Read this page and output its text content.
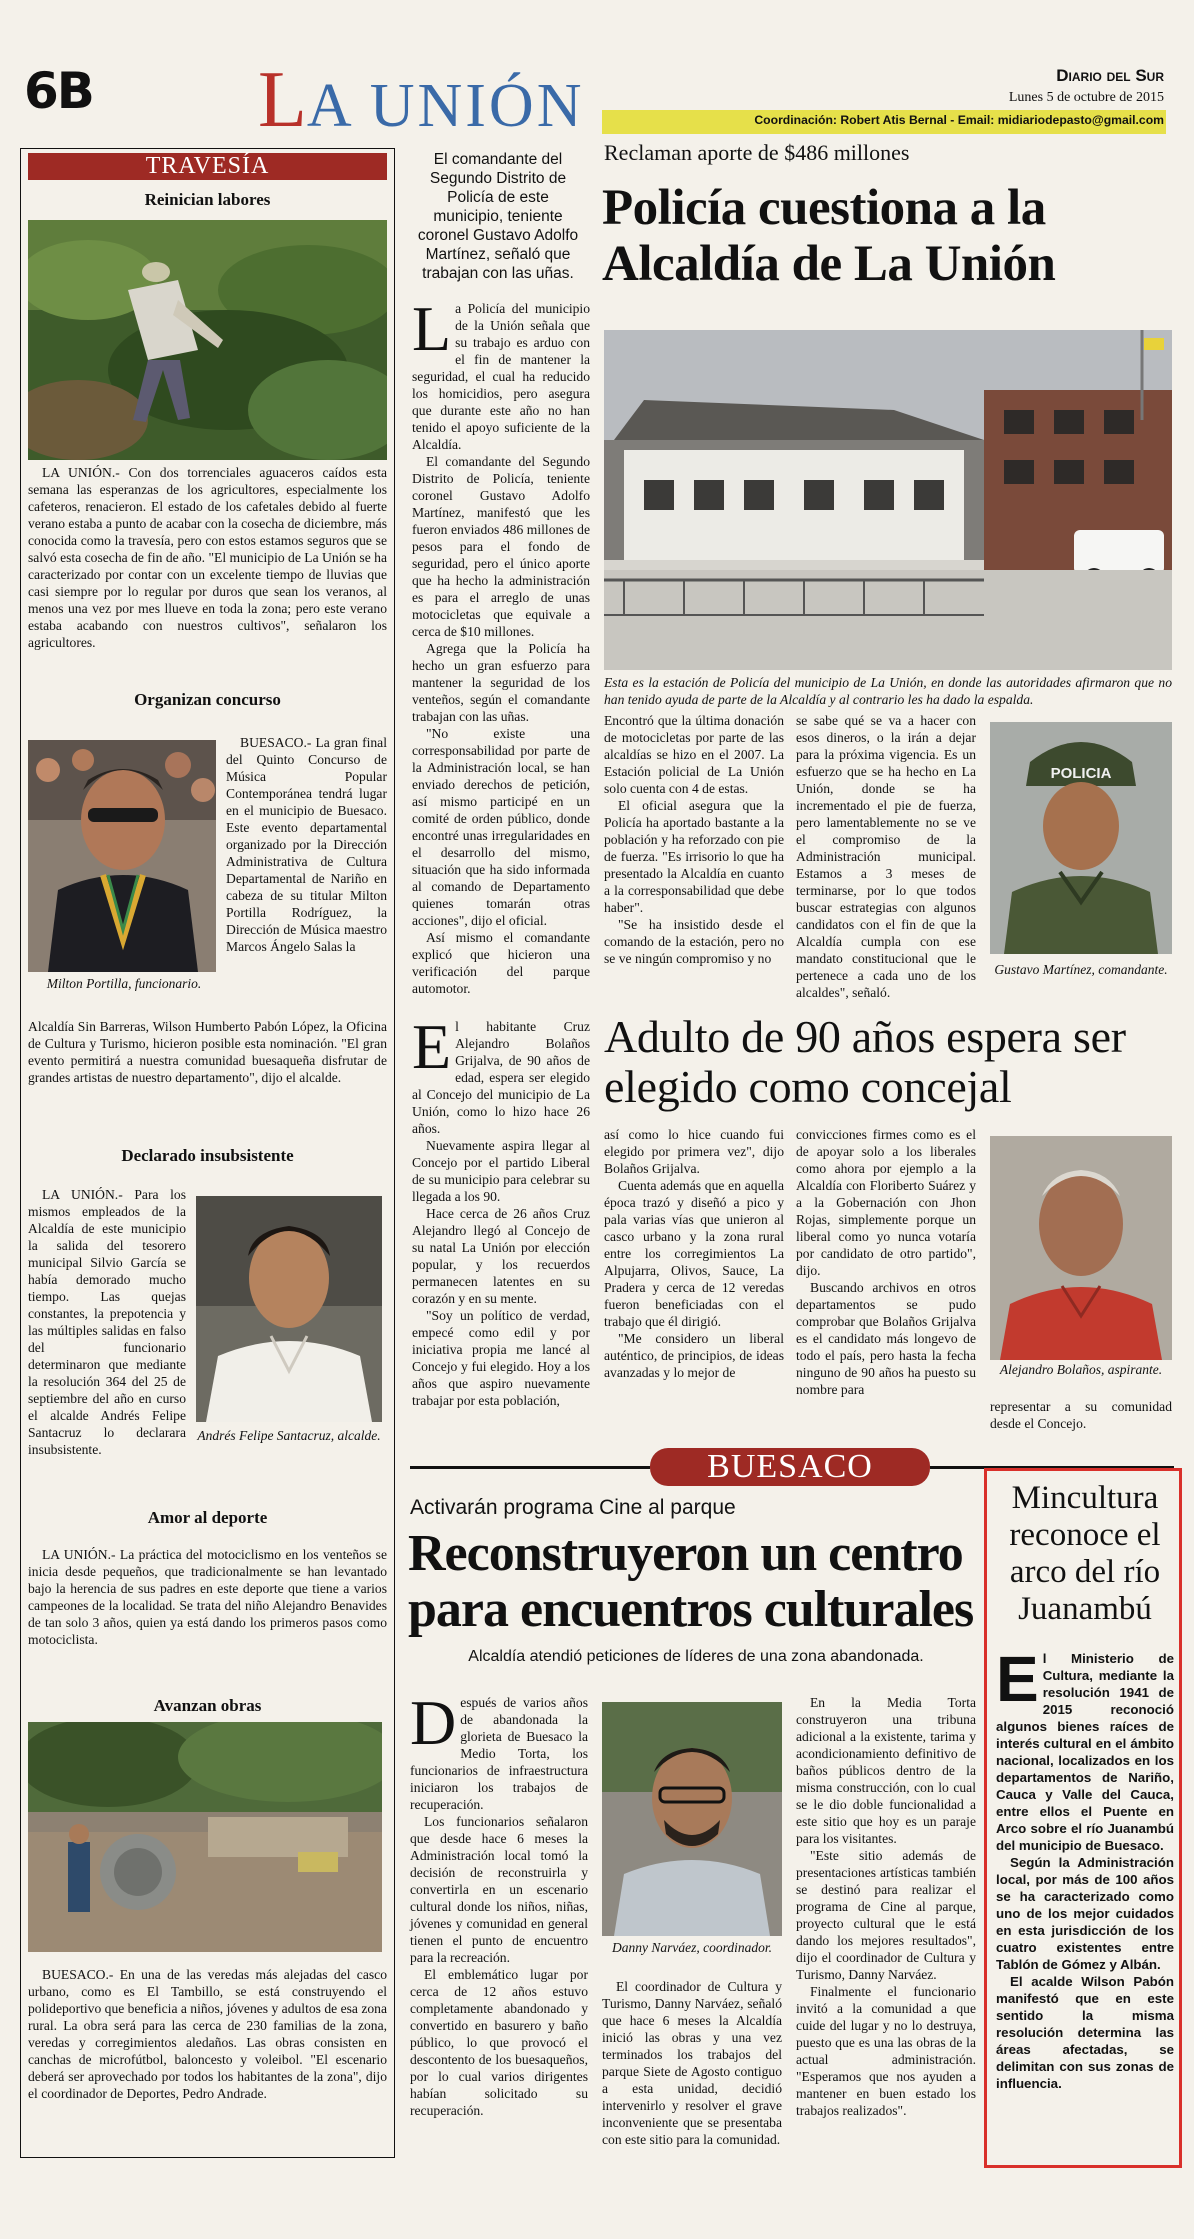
6B LA UNIÓN	Diario del Sur
Lunes 5 de octubre de 2015
Coordinación: Robert Atis Bernal - Email: midiariodepasto@gmail.com
TRAVESÍA
Reinician labores

LA UNIÓN.- Con dos torrenciales aguaceros caídos esta semana las esperanzas de los agricultores, especialmente los cafeteros, renacieron. El estado de los cafetales debido al fuerte verano estaba a punto de acabar con la cosecha de diciembre, más conocida como la travesía, pero con estos estamos seguros que se salvó esta cosecha de fin de año. "El municipio de La Unión se ha caracterizado por contar con un excelente tiempo de lluvias que casi siempre por lo regular por duros que sean los veranos, al menos una vez por mes llueve en toda la zona; pero este verano estaba acabando con nuestros cultivos", señalaron los agricultores.

Organizan concurso
Milton Portilla, funcionario.

BUESACO.- La gran final del Quinto Concurso de Música Popular Contemporánea tendrá lugar en el municipio de Buesaco. Este evento departamental organizado por la Dirección Administrativa de Cultura Departamental de Nariño en cabeza de su titular Milton Portilla Rodríguez, la Dirección de Música maestro Marcos Ángelo Salas la

Alcaldía Sin Barreras, Wilson Humberto Pabón López, la Oficina de Cultura y Turismo, hicieron posible esta nominación. "El gran evento permitirá a nuestra comunidad buesaqueña disfrutar de grandes artistas de nuestro departamento", dijo el alcalde.

Declarado insubsistente

LA UNIÓN.- Para los mismos empleados de la Alcaldía de este municipio la salida del tesorero municipal Silvio García se había demorado mucho tiempo. Las quejas constantes, la prepotencia y las múltiples salidas en falso del funcionario determinaron que mediante la resolución 364 del 25 de septiembre del año en curso el alcalde Andrés Felipe Santacruz lo declarara insubsistente.

Andrés Felipe Santacruz, alcalde.
Amor al deporte

LA UNIÓN.- La práctica del motociclismo en los venteños se inicia desde pequeños, que tradicionalmente se han levantado bajo la herencia de sus padres en este deporte que tiene a varios campeones de la localidad. Se trata del niño Alejandro Benavides de tan solo 3 años, quien ya está dando los primeros pasos como motociclista.

Avanzan obras

BUESACO.- En una de las veredas más alejadas del casco urbano, como es El Tambillo, se está construyendo el polideportivo que beneficia a niños, jóvenes y adultos de esa zona rural. La obra será para las cerca de 230 familias de la zona, veredas y corregimientos aledaños. Las obras consisten en canchas de microfútbol, baloncesto y voleibol. "El escenario deberá ser aprovechado por todos los habitantes de la zona", dijo el coordinador de Deportes, Pedro Andrade.

El comandante del Segundo Distrito de Policía de este municipio, teniente coronel Gustavo Adolfo Martínez, señaló que trabajan con las uñas.
Reclaman aporte de $486 millones
Policía cuestiona a la Alcaldía de La Unión

La Policía del municipio de la Unión señala que su trabajo es arduo con el fin de mantener la seguridad, el cual ha reducido los homicidios, pero asegura que durante este año no han tenido el apoyo suficiente de la Alcaldía.

El comandante del Segundo Distrito de Policía, teniente coronel Gustavo Adolfo Martínez, manifestó que les fueron enviados 486 millones de pesos para el fondo de seguridad, pero el único aporte que ha hecho la administración es para el arreglo de unas motocicletas que equivale a cerca de $10 millones.

Agrega que la Policía ha hecho un gran esfuerzo para mantener la seguridad de los venteños, según el comandante trabajan con las uñas.

"No existe una corresponsabilidad por parte de la Administración local, se han enviado derechos de petición, así mismo participé en un comité de orden público, donde encontré unas irregularidades en el desarrollo del mismo, situación que ha sido informada al comando de Departamento quienes tomarán otras acciones", dijo el oficial.

Así mismo el comandante explicó que hicieron una verificación del parque automotor.

Esta es la estación de Policía del municipio de La Unión, en donde las autoridades afirmaron que no han tenido ayuda de parte de la Alcaldía y al contrario les ha dado la espalda.

Encontró que la última donación de motocicletas por parte de las alcaldías se hizo en el 2007. La Estación policial de La Unión solo cuenta con 4 de estas.

El oficial asegura que la Policía ha aportado bastante a la población y ha reforzado con pie de fuerza. "Es irrisorio lo que ha presentado la Alcaldía en cuanto a la corresponsabilidad que debe haber".

"Se ha insistido desde el comando de la estación, pero no se ve ningún compromiso y no

se sabe qué se va a hacer con esos dineros, o la irán a dejar para la próxima vigencia. Es un esfuerzo que se ha hecho en La Unión, donde se ha incrementado el pie de fuerza, pero lamentablemente no se ve el compromiso de la Administración municipal. Estamos a 3 meses de terminarse, por lo que todos buscar estrategias con algunos candidatos con el fin de que la Alcaldía cumpla con ese mandato constitucional que le pertenece a cada uno de los alcaldes", señaló.

POLICIA
Gustavo Martínez, comandante.
Adulto de 90 años espera ser elegido como concejal

El habitante Cruz Alejandro Bolaños Grijalva, de 90 años de edad, espera ser elegido al Concejo del municipio de La Unión, como lo hizo hace 26 años.

Nuevamente aspira llegar al Concejo por el partido Liberal de su municipio para celebrar su llegada a los 90.

Hace cerca de 26 años Cruz Alejandro llegó al Concejo de su natal La Unión por elección popular, y los recuerdos permanecen latentes en su corazón y en su mente.

"Soy un político de verdad, empecé como edil y por iniciativa propia me lancé al Concejo y fui elegido. Hoy a los años que aspiro nuevamente trabajar por esta población,

así como lo hice cuando fui elegido por primera vez", dijo Bolaños Grijalva.

Cuenta además que en aquella época trazó y diseñó a pico y pala varias vías que unieron al casco urbano y la zona rural entre los corregimientos La Alpujarra, Olivos, Sauce, La Pradera y cerca de 12 veredas fueron beneficiadas con el trabajo que él dirigió.

"Me considero un liberal auténtico, de principios, de ideas avanzadas y lo mejor de

convicciones firmes como es el de apoyar solo a los liberales como ahora por ejemplo a la Alcaldía con Floriberto Suárez y a la Gobernación con Jhon Rojas, simplemente porque un liberal como yo nunca votaría por candidato de otro partido", dijo.

Buscando archivos en otros departamentos se pudo comprobar que Bolaños Grijalva es el candidato más longevo de todo el país, pero hasta la fecha ninguno de 90 años ha puesto su nombre para

Alejandro Bolaños, aspirante.

representar a su comunidad desde el Concejo.

BUESACO
Activarán programa Cine al parque
Reconstruyeron un centro para encuentros culturales
Alcaldía atendió peticiones de líderes de una zona abandonada.

Después de varios años de abandonada la glorieta de Buesaco la Medio Torta, los funcionarios de infraestructura iniciaron los trabajos de recuperación.

Los funcionarios señalaron que desde hace 6 meses la Administración local tomó la decisión de reconstruirla y convertirla en un escenario cultural donde los niños, niñas, jóvenes y comunidad en general tienen el punto de encuentro para la recreación.

El emblemático lugar por cerca de 12 años estuvo completamente abandonado y convertido en basurero y baño público, lo que provocó el descontento de los buesaqueños, por lo cual varios dirigentes habían solicitado su recuperación.

Danny Narváez, coordinador.

El coordinador de Cultura y Turismo, Danny Narváez, señaló que hace 6 meses la Alcaldía inició las obras y una vez terminados los trabajos del parque Siete de Agosto contiguo a esta unidad, decidió intervenirlo y resolver el grave inconveniente que se presentaba con este sitio para la comunidad.

En la Media Torta construyeron una tribuna adicional a la existente, tarima y acondicionamiento definitivo de baños públicos dentro de la misma construcción, con lo cual se le dio doble funcionalidad a este sitio que hoy es un paraje para los visitantes.

"Este sitio además de presentaciones artísticas también se destinó para realizar el programa de Cine al parque, proyecto cultural que le está dando los mejores resultados", dijo el coordinador de Cultura y Turismo, Danny Narváez.

Finalmente el funcionario invitó a la comunidad a que cuide del lugar y no lo destruya, puesto que es una las obras de la actual administración. "Esperamos que nos ayuden a mantener en buen estado los trabajos realizados".

Mincultura reconoce el arco del río Juanambú

El Ministerio de Cultura, mediante la resolución 1941 de 2015 reconoció algunos bienes raíces de interés cultural en el ámbito nacional, localizados en los departamentos de Nariño, Cauca y Valle del Cauca, entre ellos el Puente en Arco sobre el río Juanambú del municipio de Buesaco.

Según la Administración local, por más de 100 años se ha caracterizado como uno de los mejor cuidados en esta jurisdicción de los cuatro existentes entre Tablón de Gómez y Albán.

El acalde Wilson Pabón manifestó que en este sentido la misma resolución determina las áreas afectadas, se delimitan con sus zonas de influencia.
